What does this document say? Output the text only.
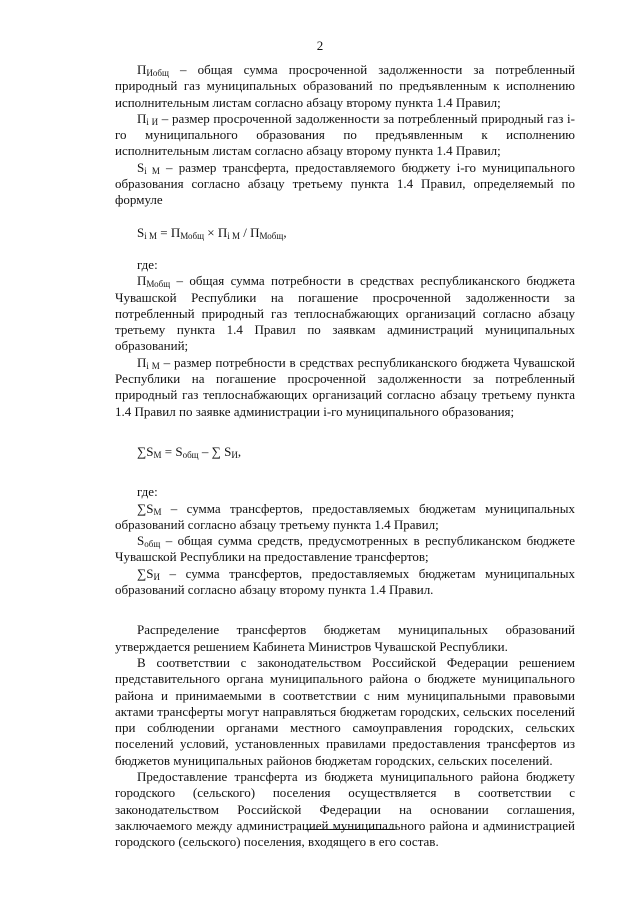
2

$П_{Иобщ}$ – общая сумма просроченной задолженности за потребленный природный газ муниципальных образований по предъявленным к исполнению исполнительным листам согласно абзацу второму пункта 1.4 Правил;

$П_{i И}$ – размер просроченной задолженности за потребленный природный газ i-го муниципального образования по предъявленным к исполнению исполнительным листам согласно абзацу второму пункта 1.4 Правил;

$S_{i М}$ – размер трансферта, предоставляемого бюджету i-го муниципального образования согласно абзацу третьему пункта 1.4 Правил, определяемый по формуле

$S_{i М} = П_{Мобщ} \times П_{i М} / П_{Мобщ}$,

где:

$П_{Мобщ}$ – общая сумма потребности в средствах республиканского бюджета Чувашской Республики на погашение просроченной задолженности за потребленный природный газ теплоснабжающих организаций согласно абзацу третьему пункта 1.4 Правил по заявкам администраций муниципальных образований;

$П_{i М}$ – размер потребности в средствах республиканского бюджета Чувашской Республики на погашение просроченной задолженности за потребленный природный газ теплоснабжающих организаций согласно абзацу третьему пункта 1.4 Правил по заявке администрации i-го муниципального образования;

$\sum S_М = S_{общ}$ – ∑ $S_И$,

где:

$\sum S_М$ – сумма трансфертов, предоставляемых бюджетам муниципальных образований согласно абзацу третьему пункта 1.4 Правил;

$S_{общ}$ – общая сумма средств, предусмотренных в республиканском бюджете Чувашской Республики на предоставление трансфертов;

$\sum S_И$ – сумма трансфертов, предоставляемых бюджетам муниципальных образований согласно абзацу второму пункта 1.4 Правил.

Распределение трансфертов бюджетам муниципальных образований утверждается решением Кабинета Министров Чувашской Республики.

В соответствии с законодательством Российской Федерации решением представительного органа муниципального района о бюджете муниципального района и принимаемыми в соответствии с ним муниципальными правовыми актами трансферты могут направляться бюджетам городских, сельских поселений при соблюдении органами местного самоуправления городских, сельских поселений условий, установленных правилами предоставления трансфертов из бюджетов муниципальных районов бюджетам городских, сельских поселений.

Предоставление трансферта из бюджета муниципального района бюджету городского (сельского) поселения осуществляется в соответствии с законодательством Российской Федерации на основании соглашения, заключаемого между администрацией муниципального района и администрацией городского (сельского) поселения, входящего в его состав.
